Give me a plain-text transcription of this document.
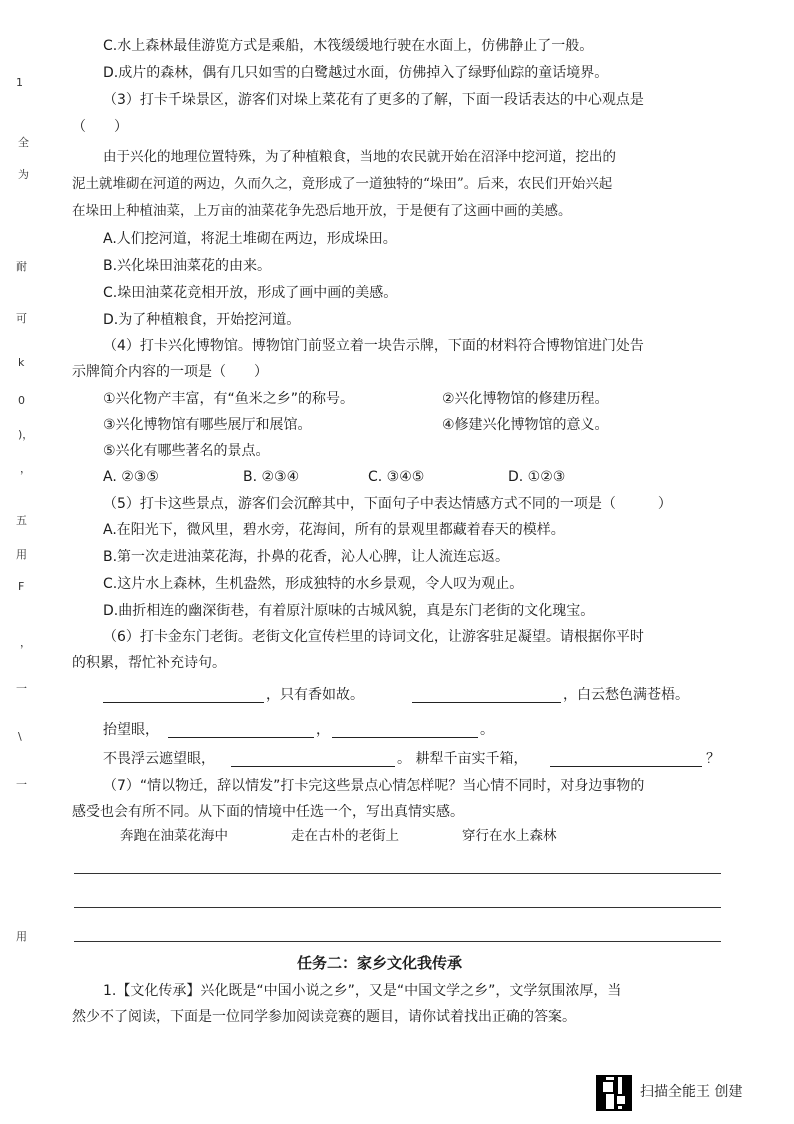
1
全
为
耐
可
k
0
)，
，
五
用
F
，
一
\
一
用
C.水上森林最佳游览方式是乘船，木筏缓缓地行驶在水面上，仿佛静止了一般。
D.成片的森林，偶有几只如雪的白鹭越过水面，仿佛掉入了绿野仙踪的童话境界。
（3）打卡千垛景区，游客们对垛上菜花有了更多的了解，下面一段话表达的中心观点是
（　　）
由于兴化的地理位置特殊，为了种植粮食，当地的农民就开始在沼泽中挖河道，挖出的
泥土就堆砌在河道的两边，久而久之，竟形成了一道独特的“垛田”。后来，农民们开始兴起
在垛田上种植油菜，上万亩的油菜花争先恐后地开放，于是便有了这画中画的美感。
A.人们挖河道，将泥土堆砌在两边，形成垛田。
B.兴化垛田油菜花的由来。
C.垛田油菜花竞相开放，形成了画中画的美感。
D.为了种植粮食，开始挖河道。
（4）打卡兴化博物馆。博物馆门前竖立着一块告示牌，下面的材料符合博物馆进门处告
示牌简介内容的一项是（　　）
①兴化物产丰富，有“鱼米之乡”的称号。	②兴化博物馆的修建历程。
③兴化博物馆有哪些展厅和展馆。	④修建兴化博物馆的意义。
⑤兴化有哪些著名的景点。
A. ②③⑤	B. ②③④	C. ③④⑤	D. ①②③
（5）打卡这些景点，游客们会沉醉其中，下面句子中表达情感方式不同的一项是（　　　）
A.在阳光下，微风里，碧水旁，花海间，所有的景观里都藏着春天的模样。
B.第一次走进油菜花海，扑鼻的花香，沁人心脾，让人流连忘返。
C.这片水上森林，生机盎然，形成独特的水乡景观，令人叹为观止。
D.曲折相连的幽深街巷，有着原汁原味的古城风貌，真是东门老街的文化瑰宝。
（6）打卡金东门老街。老街文化宣传栏里的诗词文化，让游客驻足凝望。请根据你平时
的积累，帮忙补充诗句。
，只有香如故。	，白云愁色满苍梧。
抬望眼，	，	。
不畏浮云遮望眼，	。 耕犁千亩实千箱，	？
（7）“情以物迁，辞以情发”打卡完这些景点心情怎样呢？当心情不同时，对身边事物的
感受也会有所不同。从下面的情境中任选一个，写出真情实感。
奔跑在油菜花海中	走在古朴的老街上	穿行在水上森林
任务二：家乡文化我传承
1.【文化传承】兴化既是“中国小说之乡”，又是“中国文学之乡”，文学氛围浓厚，当
然少不了阅读，下面是一位同学参加阅读竞赛的题目，请你试着找出正确的答案。
扫描全能王 创建
